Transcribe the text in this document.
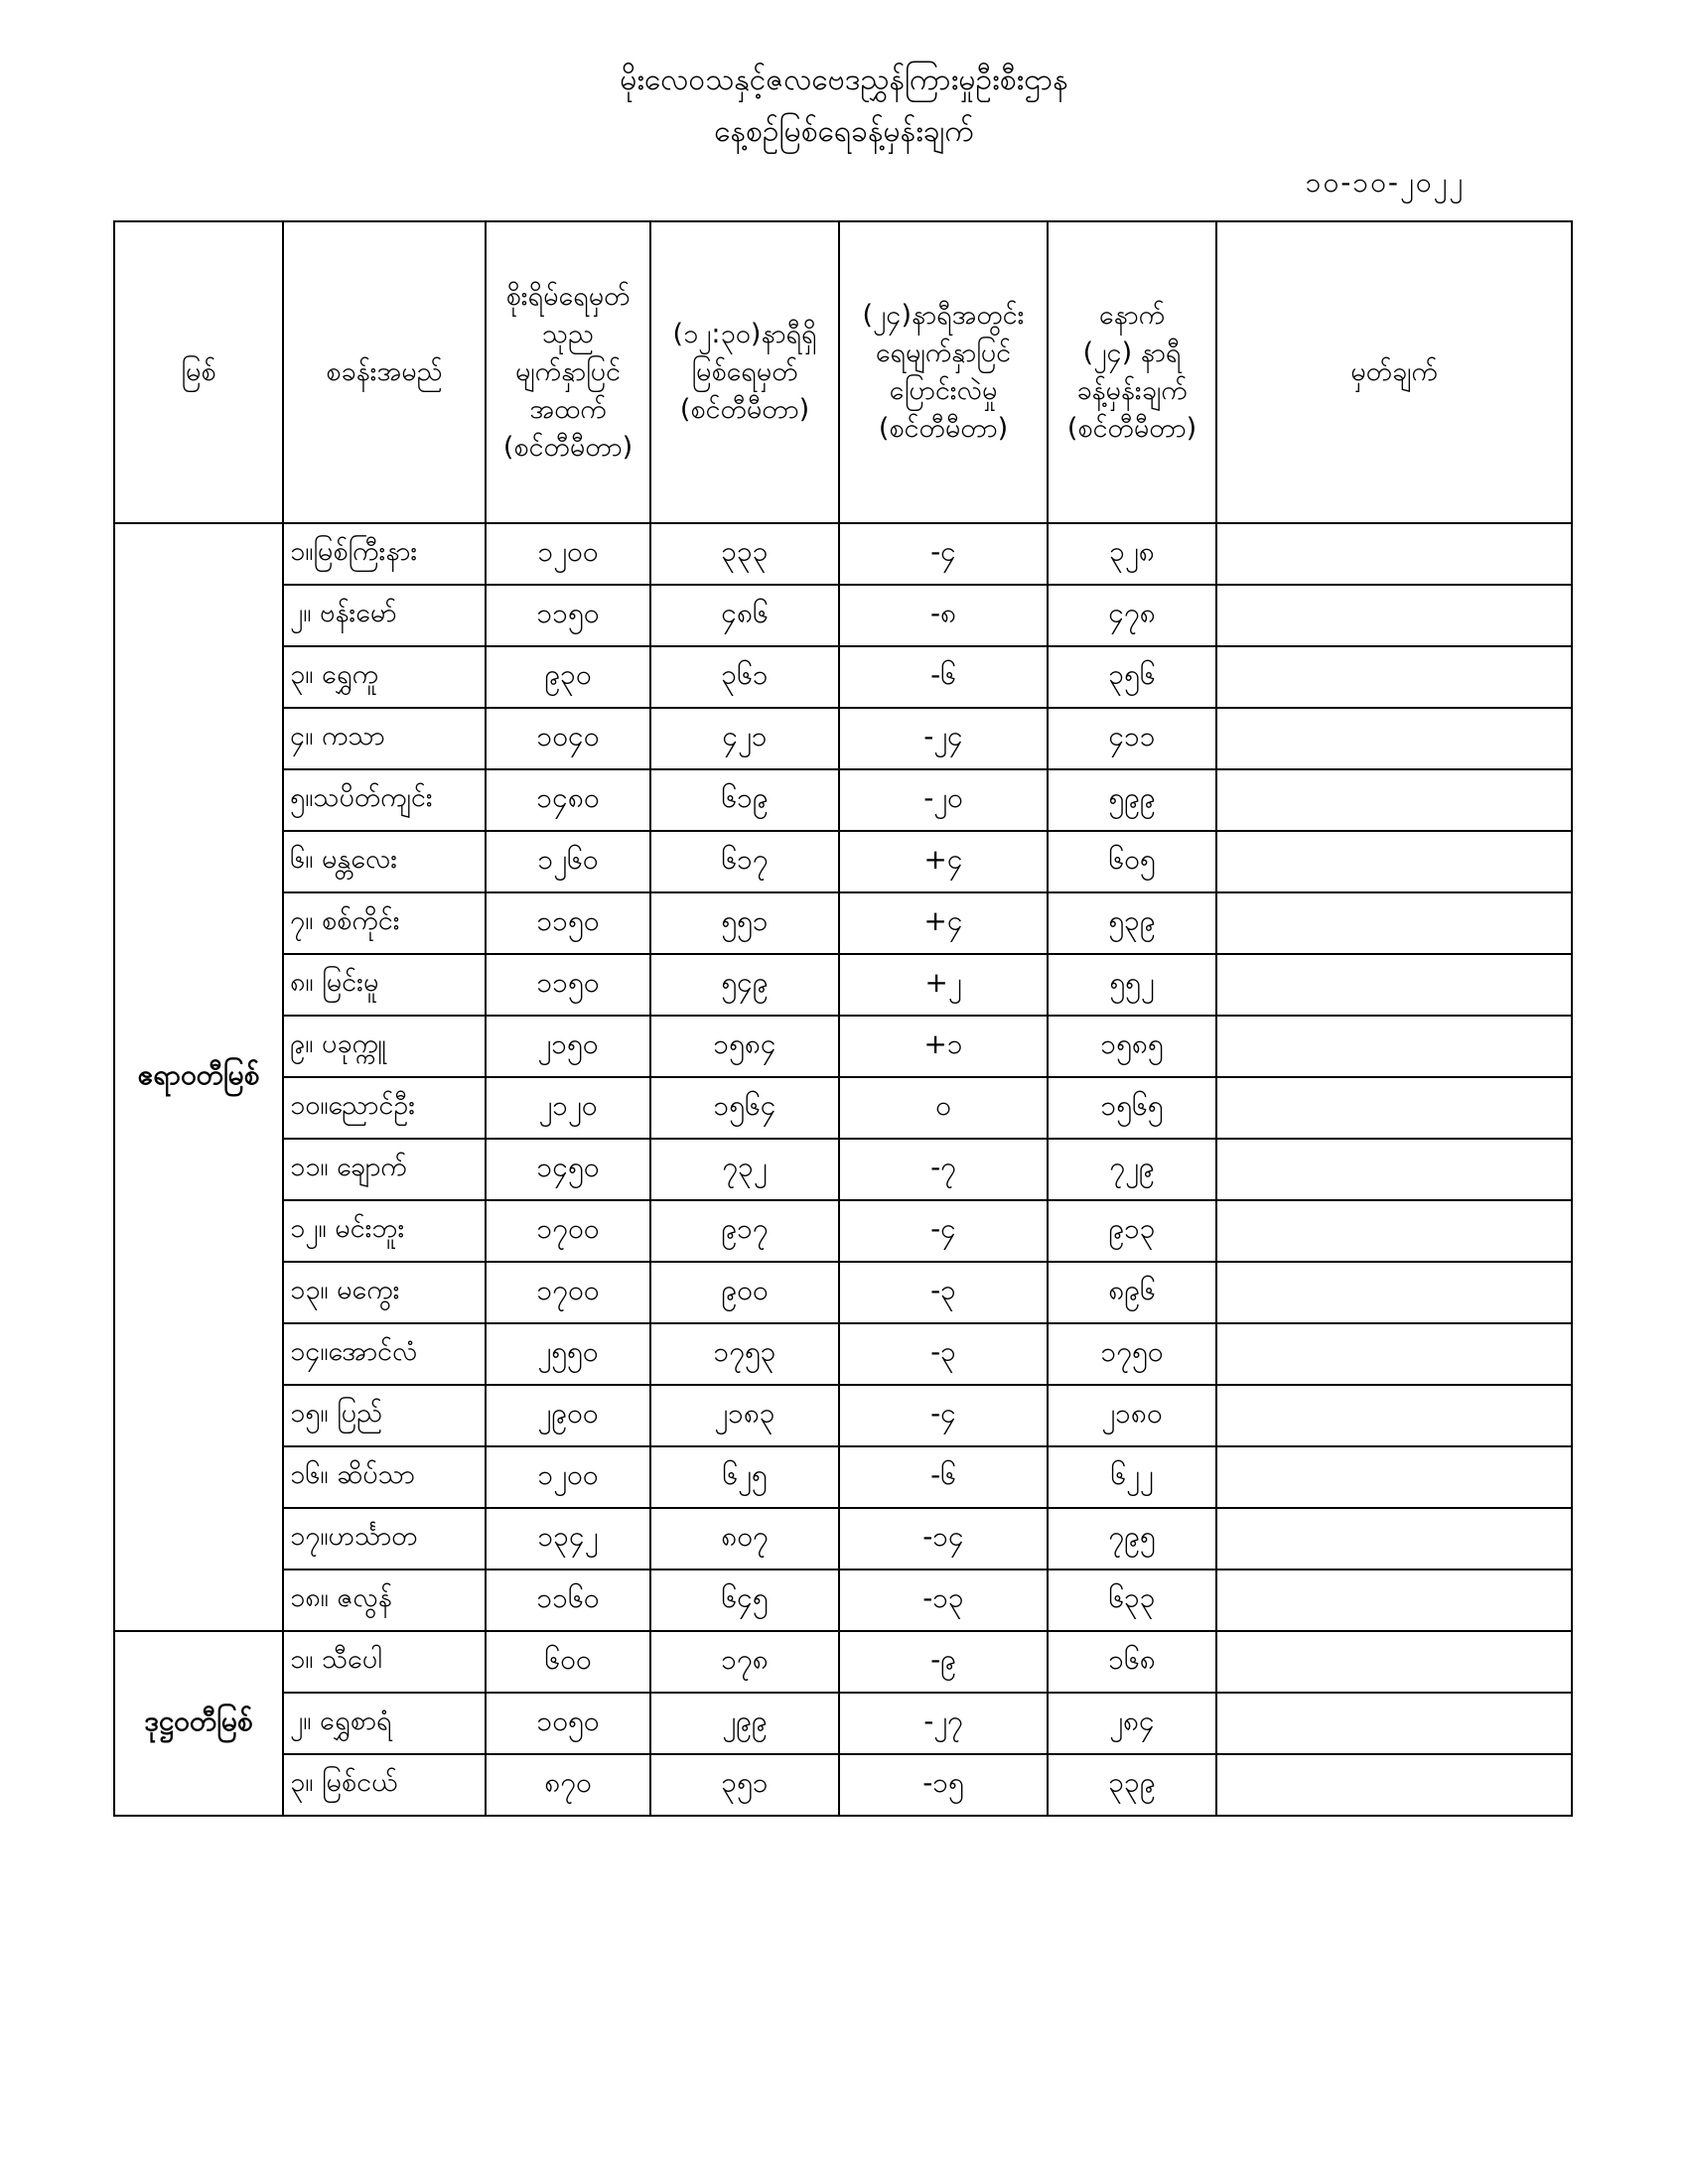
မိုးလေဝသနှင့်ဇလဗေဒညွှန်ကြားမှုဦးစီးဌာန
နေ့စဥ်မြစ်ရေခန့်မှန်းချက်
၁၀-၁၀-၂၀၂၂
မြစ်	စခန်းအမည်	စိုးရိမ်ရေမှတ်
သုည
မျက်နှာပြင်
အထက်
(စင်တီမီတာ)	(၁၂:၃၀)နာရီရှိ
မြစ်ရေမှတ်
(စင်တီမီတာ)	(၂၄)နာရီအတွင်း
ရေမျက်နှာပြင်
ပြောင်းလဲမှု
(စင်တီမီတာ)	နောက်
(၂၄) နာရီ
ခန့်မှန်းချက်
(စင်တီမီတာ)	မှတ်ချက်
ဧရာဝတီမြစ်	၁။မြစ်ကြီးနား	၁၂၀၀	၃၃၃	-၄	၃၂၈	
	၂။ ဗန်းမော်	၁၁၅၀	၄၈၆	-၈	၄၇၈	
	၃။ ရွှေကူ	၉၃၀	၃၆၁	-၆	၃၅၆	
	၄။ ကသာ	၁၀၄၀	၄၂၁	-၂၄	၄၁၁	
	၅။သပိတ်ကျင်း	၁၄၈၀	၆၁၉	-၂၀	၅၉၉	
	၆။ မန္တလေး	၁၂၆၀	၆၁၇	+၄	၆၀၅	
	၇။ စစ်ကိုင်း	၁၁၅၀	၅၅၁	+၄	၅၃၉	
	၈။ မြင်းမူ	၁၁၅၀	၅၄၉	+၂	၅၅၂	
	၉။ ပခုက္ကူ	၂၁၅၀	၁၅၈၄	+၁	၁၅၈၅	
	၁၀။ညောင်ဦး	၂၁၂၀	၁၅၆၄	၀	၁၅၆၅	
	၁၁။ ချောက်	၁၄၅၀	၇၃၂	-၇	၇၂၉	
	၁၂။ မင်းဘူး	၁၇၀၀	၉၁၇	-၄	၉၁၃	
	၁၃။ မကွေး	၁၇၀၀	၉၀၀	-၃	၈၉၆	
	၁၄။အောင်လံ	၂၅၅၀	၁၇၅၃	-၃	၁၇၅၀	
	၁၅။ ပြည်	၂၉၀၀	၂၁၈၃	-၄	၂၁၈၀	
	၁၆။ ဆိပ်သာ	၁၂၀၀	၆၂၅	-၆	၆၂၂	
	၁၇။ဟင်္သာတ	၁၃၄၂	၈၀၇	-၁၄	၇၉၅	
	၁၈။ ဇလွန်	၁၁၆၀	၆၄၅	-၁၃	၆၃၃	
ဒုဋ္ဌဝတီမြစ်	၁။ သီပေါ	၆၀၀	၁၇၈	-၉	၁၆၈	
	၂။ ရွှေစာရံ	၁၀၅၀	၂၉၉	-၂၇	၂၈၄	
	၃။ မြစ်ငယ်	၈၇၀	၃၅၁	-၁၅	၃၃၉	
